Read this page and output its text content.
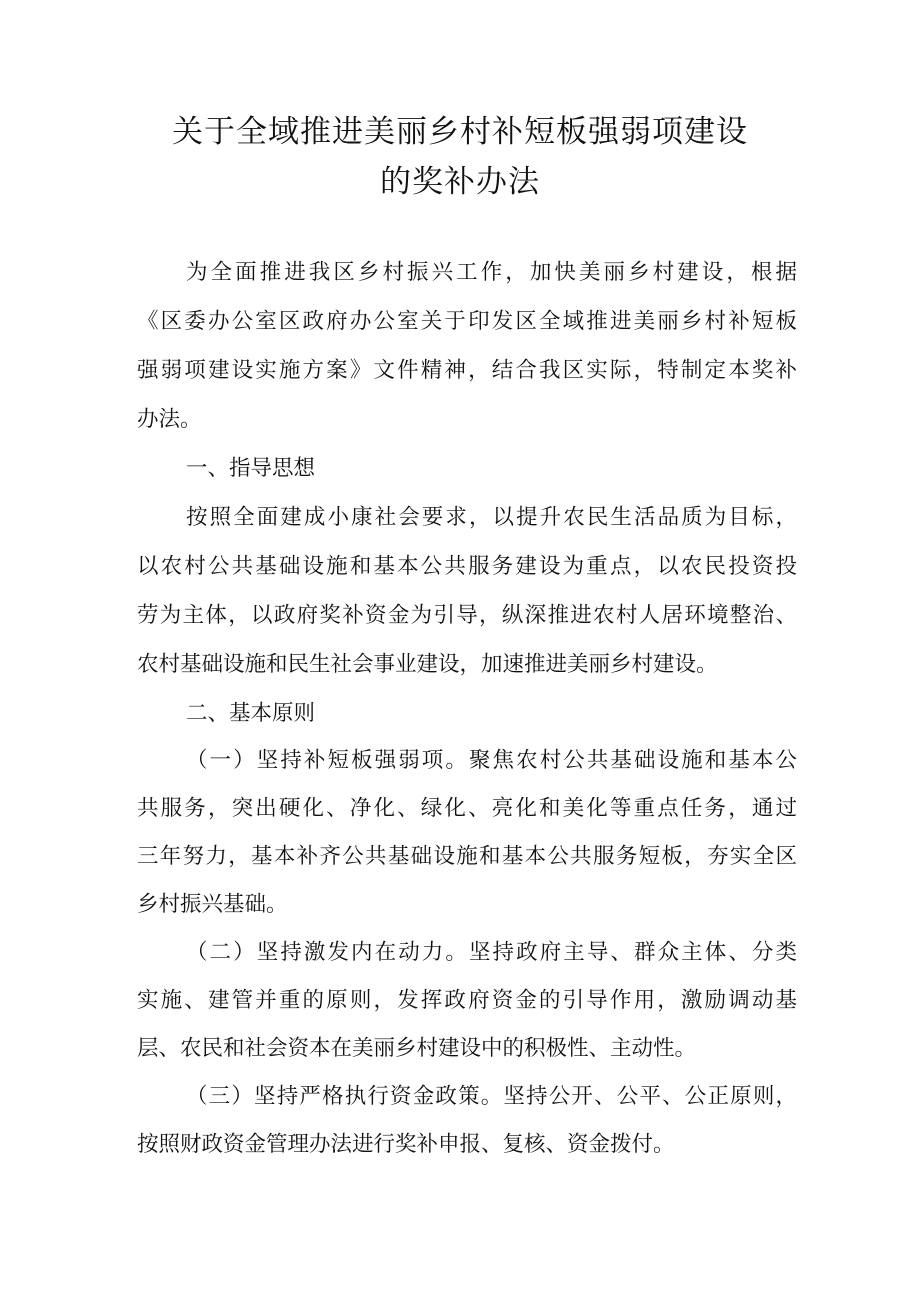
关于全域推进美丽乡村补短板强弱项建设
的奖补办法

为全面推进我区乡村振兴工作，加快美丽乡村建设，根据

《区委办公室区政府办公室关于印发区全域推进美丽乡村补短板

强弱项建设实施方案》文件精神，结合我区实际，特制定本奖补

办法。

一、指导思想

按照全面建成小康社会要求，以提升农民生活品质为目标，

以农村公共基础设施和基本公共服务建设为重点，以农民投资投

劳为主体，以政府奖补资金为引导，纵深推进农村人居环境整治、

农村基础设施和民生社会事业建设，加速推进美丽乡村建设。

二、基本原则

（一）坚持补短板强弱项。聚焦农村公共基础设施和基本公

共服务，突出硬化、净化、绿化、亮化和美化等重点任务，通过

三年努力，基本补齐公共基础设施和基本公共服务短板，夯实全区

乡村振兴基础。

（二）坚持激发内在动力。坚持政府主导、群众主体、分类

实施、建管并重的原则，发挥政府资金的引导作用，激励调动基

层、农民和社会资本在美丽乡村建设中的积极性、主动性。

（三）坚持严格执行资金政策。坚持公开、公平、公正原则，

按照财政资金管理办法进行奖补申报、复核、资金拨付。
